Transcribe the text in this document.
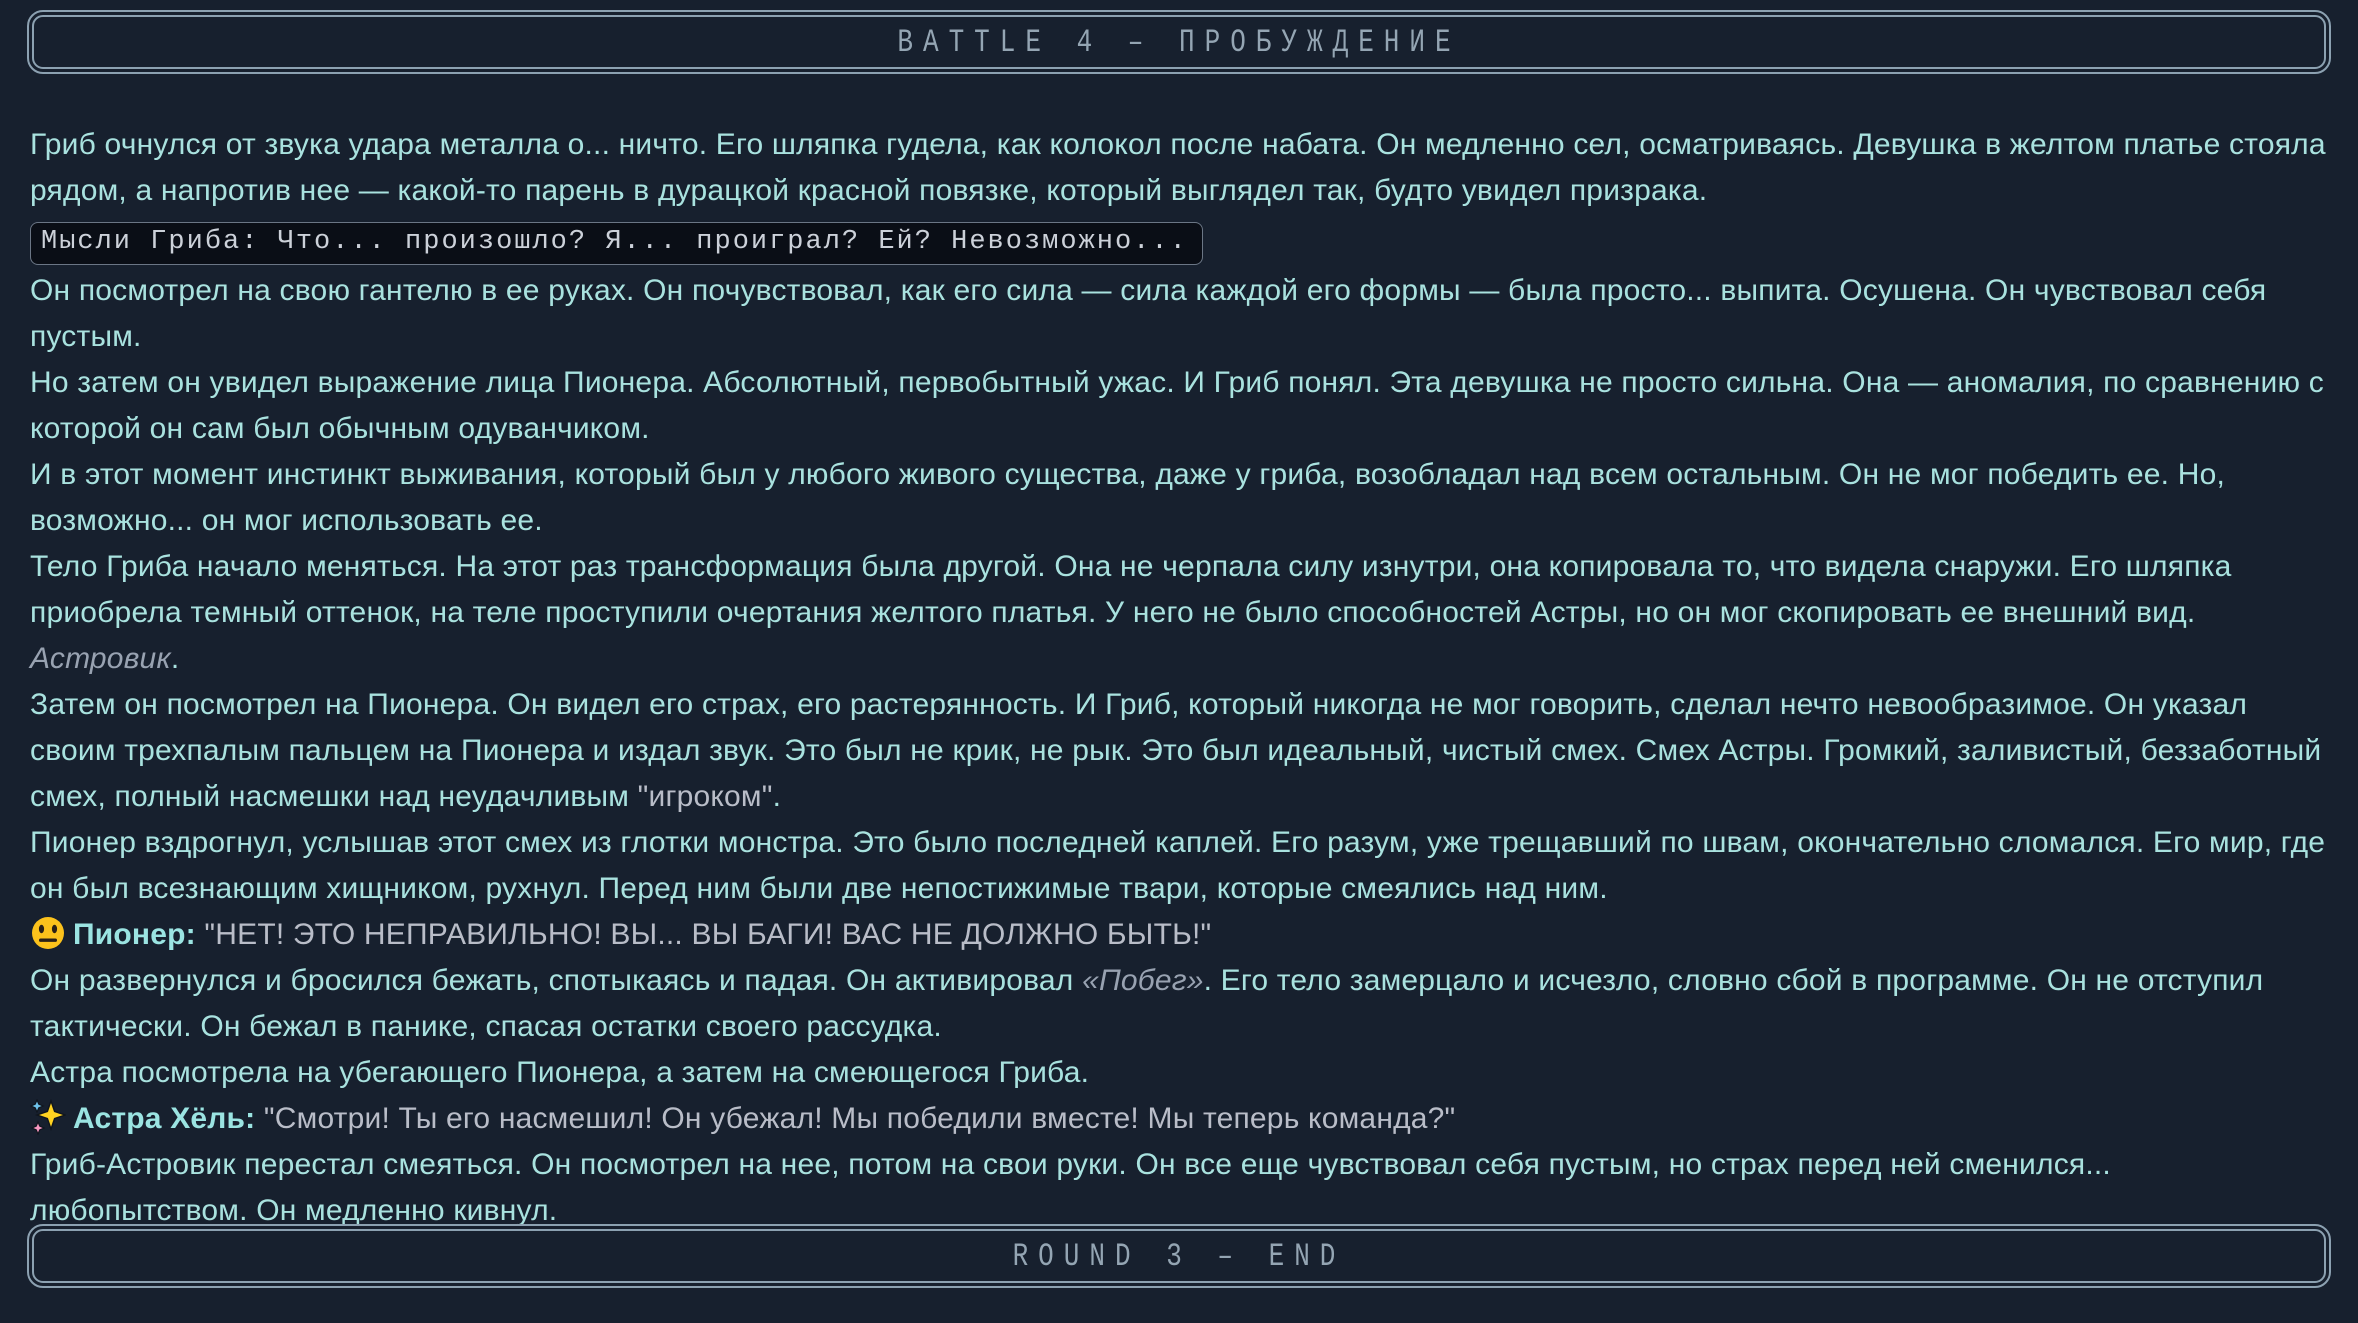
BATTLE 4 – ПРОБУЖДЕНИЕ
Гриб очнулся от звука удара металла о... ничто. Его шляпка гудела, как колокол после набата. Он медленно сел, осматриваясь. Девушка в желтом платье стояла рядом, а напротив нее — какой-то парень в дурацкой красной повязке, который выглядел так, будто увидел призрака.
Мысли Гриба: Что... произошло? Я... проиграл? Ей? Невозможно...
Он посмотрел на свою гантелю в ее руках. Он почувствовал, как его сила — сила каждой его формы — была просто... выпита. Осушена. Он чувствовал себя пустым.
Но затем он увидел выражение лица Пионера. Абсолютный, первобытный ужас. И Гриб понял. Эта девушка не просто сильна. Она — аномалия, по сравнению с которой он сам был обычным одуванчиком.
И в этот момент инстинкт выживания, который был у любого живого существа, даже у гриба, возобладал над всем остальным. Он не мог победить ее. Но, возможно... он мог использовать ее.
Тело Гриба начало меняться. На этот раз трансформация была другой. Она не черпала силу изнутри, она копировала то, что видела снаружи. Его шляпка приобрела темный оттенок, на теле проступили очертания желтого платья. У него не было способностей Астры, но он мог скопировать ее внешний вид. Астровик.
Затем он посмотрел на Пионера. Он видел его страх, его растерянность. И Гриб, который никогда не мог говорить, сделал нечто невообразимое. Он указал своим трехпалым пальцем на Пионера и издал звук. Это был не крик, не рык. Это был идеальный, чистый смех. Смех Астры. Громкий, заливистый, беззаботный смех, полный насмешки над неудачливым "игроком".
Пионер вздрогнул, услышав этот смех из глотки монстра. Это было последней каплей. Его разум, уже трещавший по швам, окончательно сломался. Его мир, где он был всезнающим хищником, рухнул. Перед ним были две непостижимые твари, которые смеялись над ним.
Пионер: "НЕТ! ЭТО НЕПРАВИЛЬНО! ВЫ... ВЫ БАГИ! ВАС НЕ ДОЛЖНО БЫТЬ!"
Он развернулся и бросился бежать, спотыкаясь и падая. Он активировал «Побег». Его тело замерцало и исчезло, словно сбой в программе. Он не отступил тактически. Он бежал в панике, спасая остатки своего рассудка.
Астра посмотрела на убегающего Пионера, а затем на смеющегося Гриба.
Астра Хёль: "Смотри! Ты его насмешил! Он убежал! Мы победили вместе! Мы теперь команда?"
Гриб-Астровик перестал смеяться. Он посмотрел на нее, потом на свои руки. Он все еще чувствовал себя пустым, но страх перед ней сменился... любопытством. Он медленно кивнул.
ROUND 3 – END
